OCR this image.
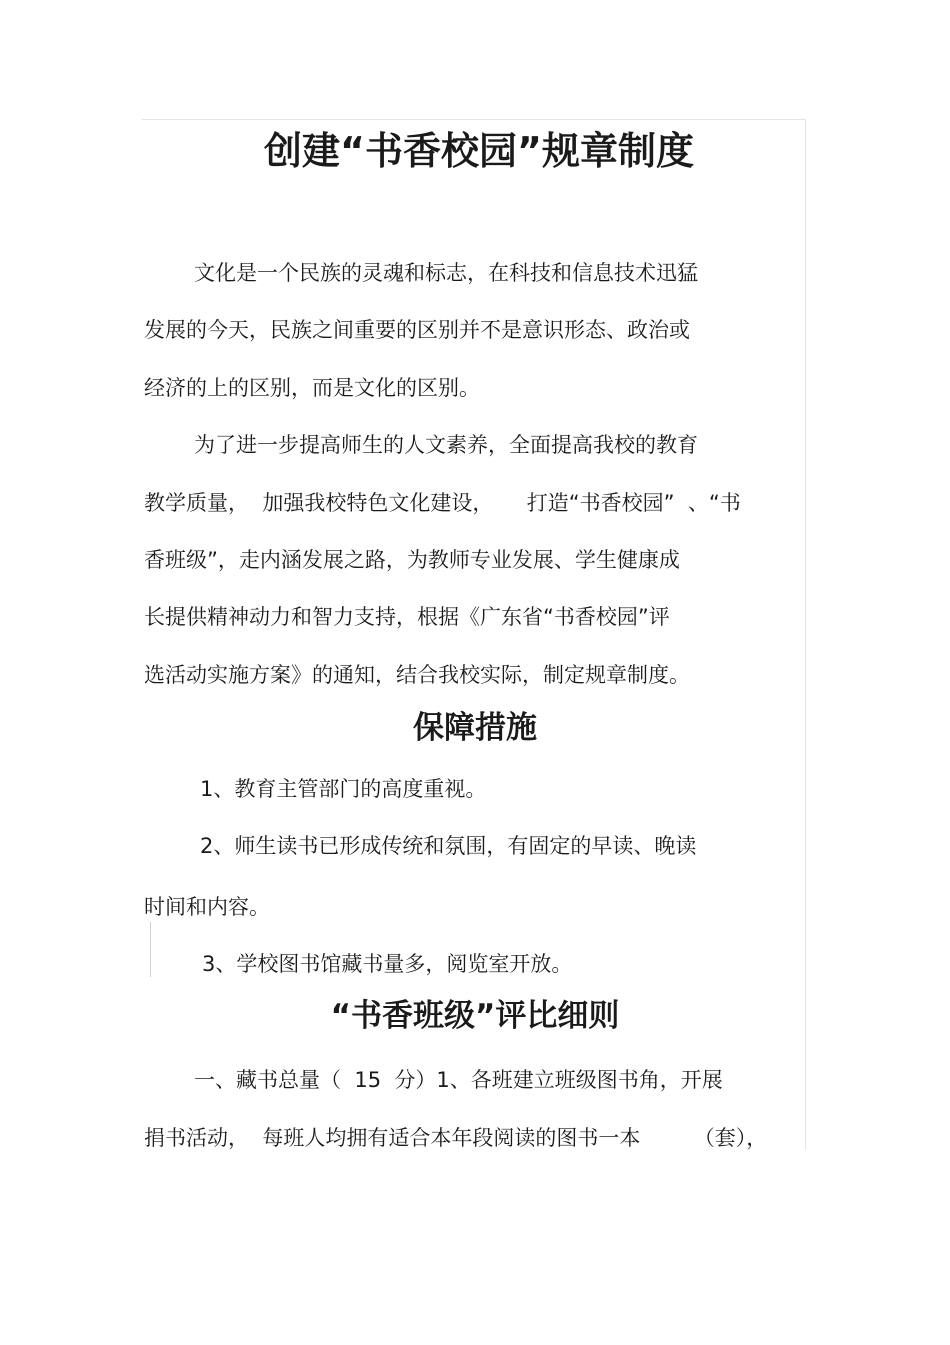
创建“书香校园”规章制度

文化是一个民族的灵魂和标志，在科技和信息技术迅猛

发展的今天，民族之间重要的区别并不是意识形态、政治或

经济的上的区别，而是文化的区别。

为了进一步提高师生的人文素养，全面提高我校的教育

教学质量，  加强我校特色文化建设，     打造“书香校园”  、“书

香班级”，走内涵发展之路，为教师专业发展、学生健康成

长提供精神动力和智力支持，根据《广东省“书香校园”评

选活动实施方案》的通知，结合我校实际，制定规章制度。

保障措施

1、教育主管部门的高度重视。

2、师生读书已形成传统和氛围，有固定的早读、晚读

时间和内容。

3、学校图书馆藏书量多，阅览室开放。

“书香班级”评比细则

一、藏书总量（  15  分）1、各班建立班级图书角，开展

捐书活动，  每班人均拥有适合本年段阅读的图书一本        （套），
